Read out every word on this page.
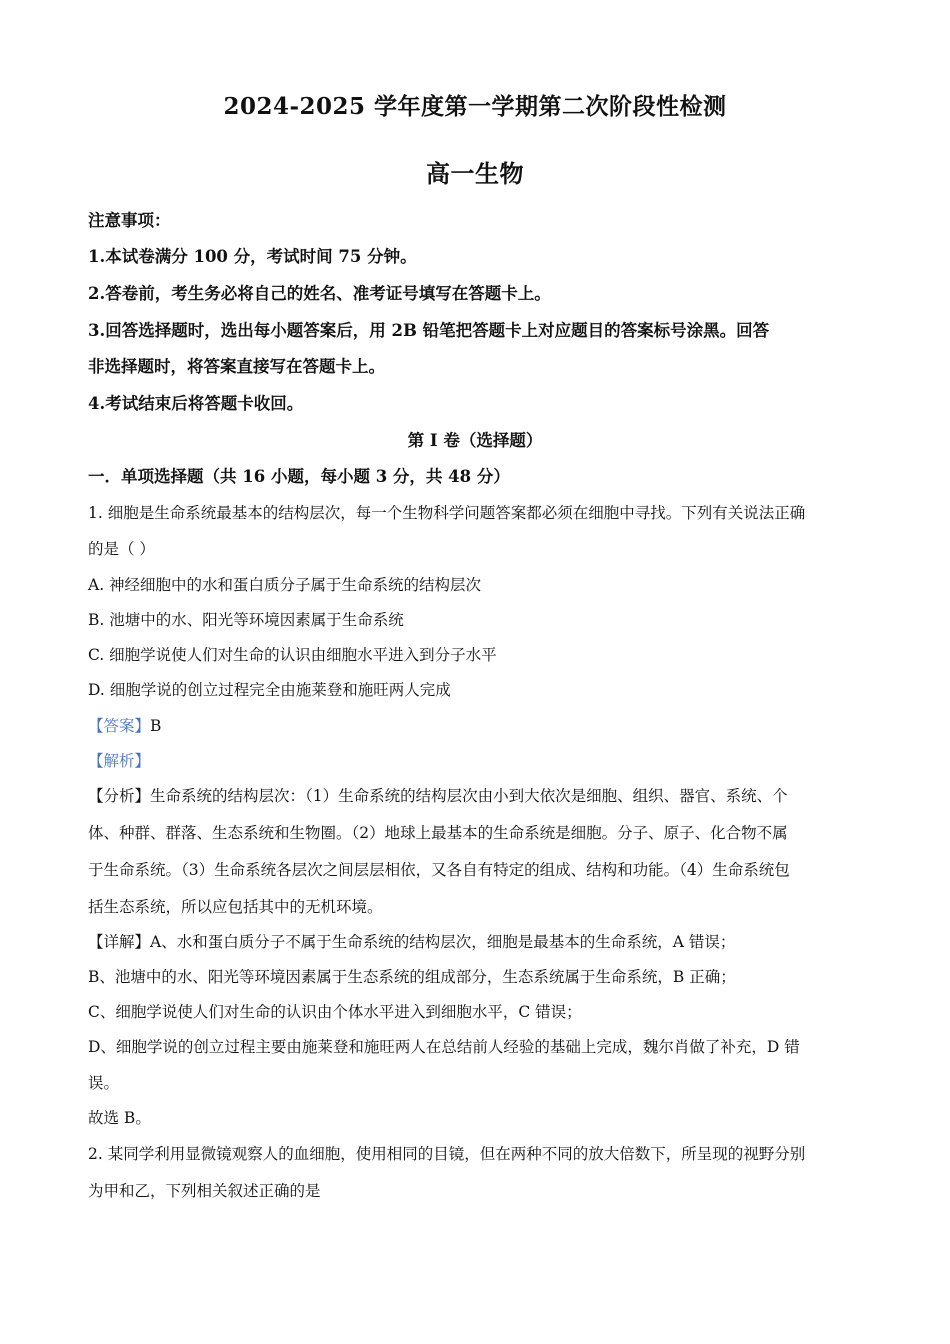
2024-2025 学年度第一学期第二次阶段性检测
高一生物
注意事项：
1.本试卷满分 100 分，考试时间 75 分钟。
2.答卷前，考生务必将自己的姓名、准考证号填写在答题卡上。
3.回答选择题时，选出每小题答案后，用 2B 铅笔把答题卡上对应题目的答案标号涂黑。回答
非选择题时，将答案直接写在答题卡上。
4.考试结束后将答题卡收回。
第 I 卷（选择题）
一．单项选择题（共 16 小题，每小题 3 分，共 48 分）
1. 细胞是生命系统最基本的结构层次，每一个生物科学问题答案都必须在细胞中寻找。下列有关说法正确
的是（ ）
A. 神经细胞中的水和蛋白质分子属于生命系统的结构层次
B. 池塘中的水、阳光等环境因素属于生命系统
C. 细胞学说使人们对生命的认识由细胞水平进入到分子水平
D. 细胞学说的创立过程完全由施莱登和施旺两人完成
【答案】B
【解析】
【分析】生命系统的结构层次：（1）生命系统的结构层次由小到大依次是细胞、组织、器官、系统、个
体、种群、群落、生态系统和生物圈。（2）地球上最基本的生命系统是细胞。分子、原子、化合物不属
于生命系统。（3）生命系统各层次之间层层相依，又各自有特定的组成、结构和功能。（4）生命系统包
括生态系统，所以应包括其中的无机环境。
【详解】A、水和蛋白质分子不属于生命系统的结构层次，细胞是最基本的生命系统，A 错误；
B、池塘中的水、阳光等环境因素属于生态系统的组成部分，生态系统属于生命系统，B 正确；
C、细胞学说使人们对生命的认识由个体水平进入到细胞水平，C 错误；
D、细胞学说的创立过程主要由施莱登和施旺两人在总结前人经验的基础上完成，魏尔肖做了补充，D 错
误。
故选 B。
2. 某同学利用显微镜观察人的血细胞，使用相同的目镜，但在两种不同的放大倍数下，所呈现的视野分别
为甲和乙，下列相关叙述正确的是
